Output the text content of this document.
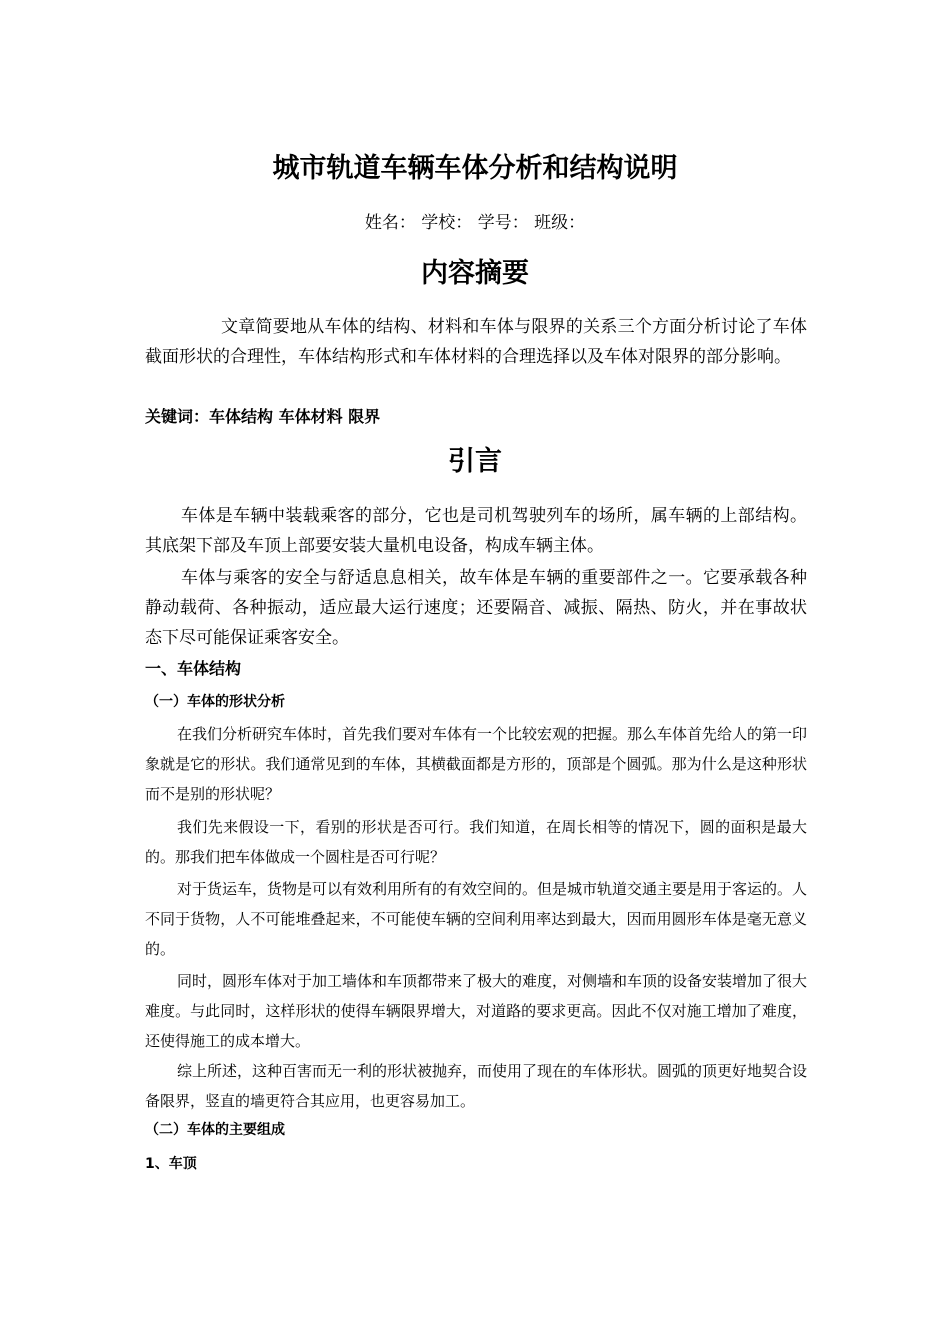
城市轨道车辆车体分析和结构说明
姓名： 学校： 学号： 班级：
内容摘要

文章简要地从车体的结构、材料和车体与限界的关系三个方面分析讨论了车体截面形状的合理性，车体结构形式和车体材料的合理选择以及车体对限界的部分影响。

关键词：车体结构 车体材料 限界

引言

车体是车辆中装载乘客的部分，它也是司机驾驶列车的场所，属车辆的上部结构。其底架下部及车顶上部要安装大量机电设备，构成车辆主体。

车体与乘客的安全与舒适息息相关，故车体是车辆的重要部件之一。它要承载各种静动载荷、各种振动，适应最大运行速度；还要隔音、减振、隔热、防火，并在事故状态下尽可能保证乘客安全。

一、车体结构
（一）车体的形状分析

在我们分析研究车体时，首先我们要对车体有一个比较宏观的把握。那么车体首先给人的第一印象就是它的形状。我们通常见到的车体，其横截面都是方形的，顶部是个圆弧。那为什么是这种形状而不是别的形状呢？

我们先来假设一下，看别的形状是否可行。我们知道，在周长相等的情况下，圆的面积是最大的。那我们把车体做成一个圆柱是否可行呢？

对于货运车，货物是可以有效利用所有的有效空间的。但是城市轨道交通主要是用于客运的。人不同于货物，人不可能堆叠起来，不可能使车辆的空间利用率达到最大，因而用圆形车体是毫无意义的。

同时，圆形车体对于加工墙体和车顶都带来了极大的难度，对侧墙和车顶的设备安装增加了很大难度。与此同时，这样形状的使得车辆限界增大，对道路的要求更高。因此不仅对施工增加了难度，还使得施工的成本增大。

综上所述，这种百害而无一利的形状被抛弃，而使用了现在的车体形状。圆弧的顶更好地契合设备限界，竖直的墙更符合其应用，也更容易加工。

（二）车体的主要组成
1、车顶
